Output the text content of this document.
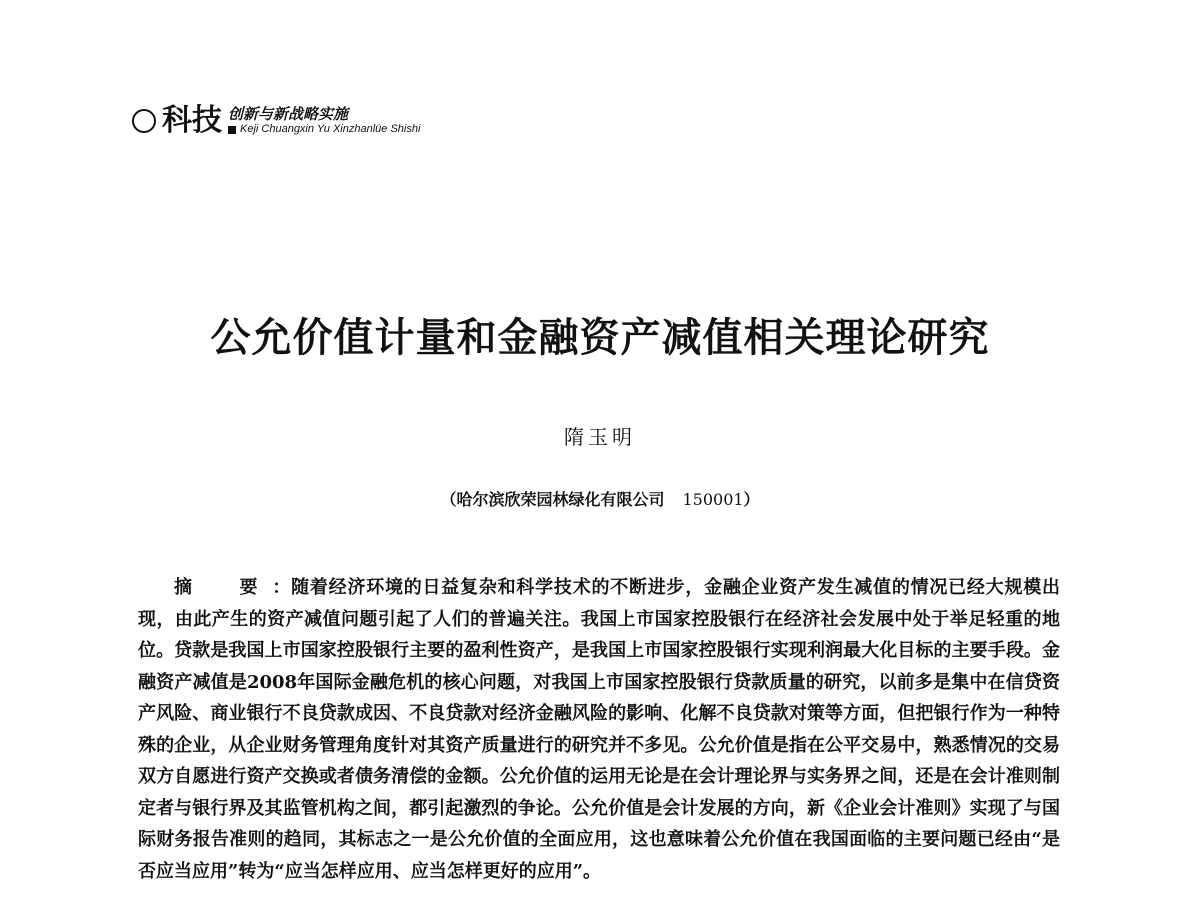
科技 创新与新战略实施
Keji Chuangxin Yu Xinzhanlüe Shishi
公允价值计量和金融资产减值相关理论研究
隋玉明
（哈尔滨欣荣园林绿化有限公司 150001）
摘　要：随着经济环境的日益复杂和科学技术的不断进步，金融企业资产发生减值的情况已经大规模出现，由此产生的资产减值问题引起了人们的普遍关注。我国上市国家控股银行在经济社会发展中处于举足轻重的地位。贷款是我国上市国家控股银行主要的盈利性资产，是我国上市国家控股银行实现利润最大化目标的主要手段。金融资产减值是2008年国际金融危机的核心问题，对我国上市国家控股银行贷款质量的研究，以前多是集中在信贷资产风险、商业银行不良贷款成因、不良贷款对经济金融风险的影响、化解不良贷款对策等方面，但把银行作为一种特殊的企业，从企业财务管理角度针对其资产质量进行的研究并不多见。公允价值是指在公平交易中，熟悉情况的交易双方自愿进行资产交换或者债务清偿的金额。公允价值的运用无论是在会计理论界与实务界之间，还是在会计准则制定者与银行界及其监管机构之间，都引起激烈的争论。公允价值是会计发展的方向，新《企业会计准则》实现了与国际财务报告准则的趋同，其标志之一是公允价值的全面应用，这也意味着公允价值在我国面临的主要问题已经由“是否应当应用”转为“应当怎样应用、应当怎样更好的应用”。
